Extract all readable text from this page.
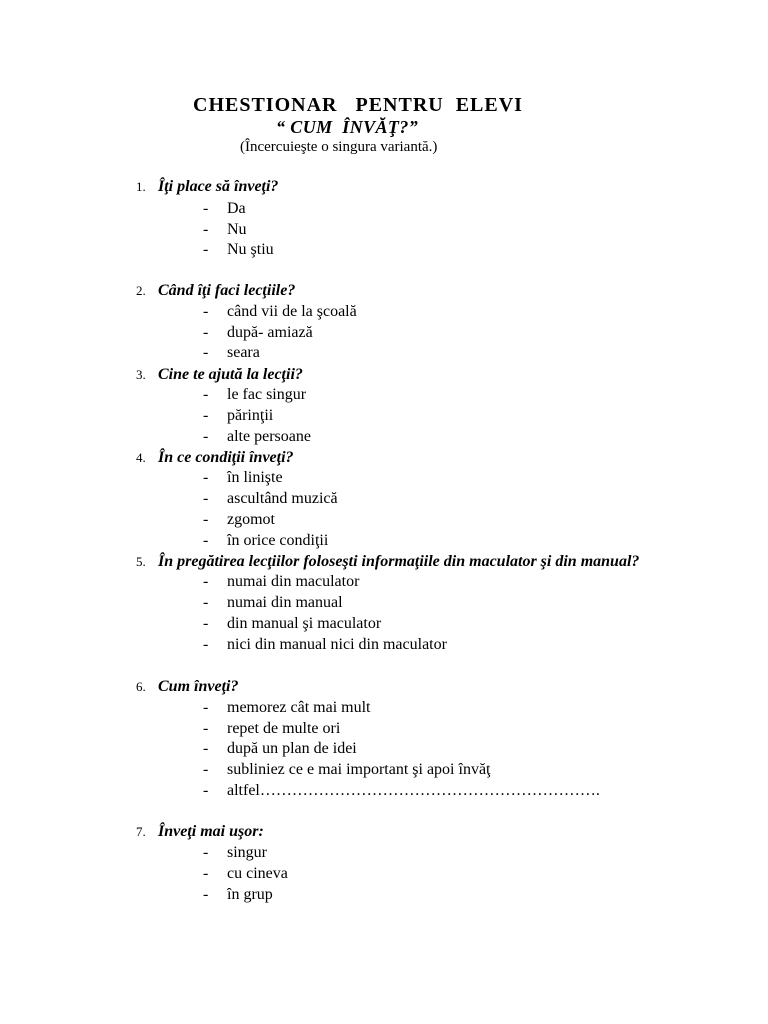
CHESTIONAR   PENTRU  ELEVI
“ CUM  ÎNVĂŢ?”
(Încercuieşte o singura variantă.)
1. Îţi place să înveţi?
- Da
- Nu
- Nu ştiu
2. Când îţi faci lecţiile?
- când vii de la şcoală
- după- amiază
- seara
3. Cine te ajută la lecţii?
- le fac singur
- părinţii
- alte persoane
4. În ce condiţii înveţi?
- în linişte
- ascultând muzică
- zgomot
- în orice condiţii
5. În pregătirea lecţiilor foloseşti informaţiile din maculator şi din manual?
- numai din maculator
- numai din manual
- din manual şi maculator
- nici din manual nici din maculator
6. Cum înveţi?
- memorez cât mai mult
- repet de multe ori
- după un plan de idei
- subliniez ce e mai important şi apoi învăţ
- altfel……………………………………………………….
7. Înveţi mai uşor:
- singur
- cu cineva
- în grup
